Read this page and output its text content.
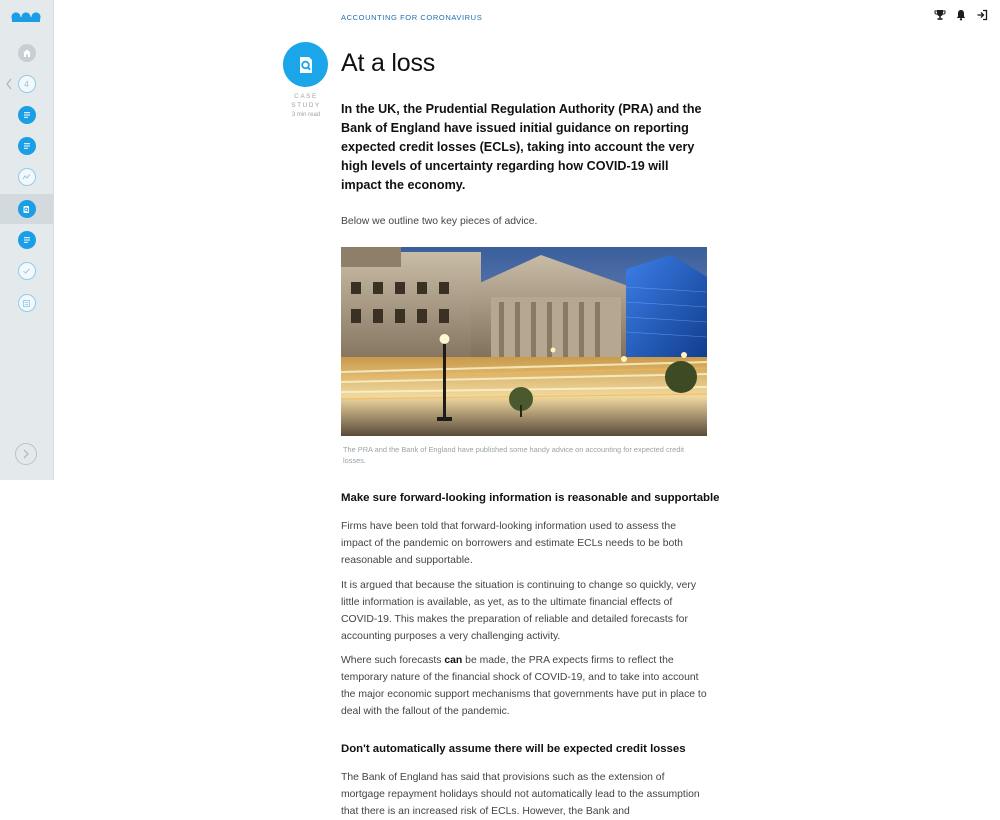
4
ACCOUNTING FOR CORONAVIRUS
CASE STUDY
3 min read
At a loss

In the UK, the Prudential Regulation Authority (PRA) and the Bank of England have issued initial guidance on reporting expected credit losses (ECLs), taking into account the very high levels of uncertainty regarding how COVID-19 will impact the economy.

Below we outline two key pieces of advice.

The PRA and the Bank of England have published some handy advice on accounting for expected credit losses.

Make sure forward-looking information is reasonable and supportable

Firms have been told that forward-looking information used to assess the impact of the pandemic on borrowers and estimate ECLs needs to be both reasonable and supportable.

It is argued that because the situation is continuing to change so quickly, very little information is available, as yet, as to the ultimate financial effects of COVID-19. This makes the preparation of reliable and detailed forecasts for accounting purposes a very challenging activity.

Where such forecasts can be made, the PRA expects firms to reflect the temporary nature of the financial shock of COVID-19, and to take into account the major economic support mechanisms that governments have put in place to deal with the fallout of the pandemic.

Don't automatically assume there will be expected credit losses

The Bank of England has said that provisions such as the extension of mortgage repayment holidays should not automatically lead to the assumption that there is an increased risk of ECLs. However, the Bank and
